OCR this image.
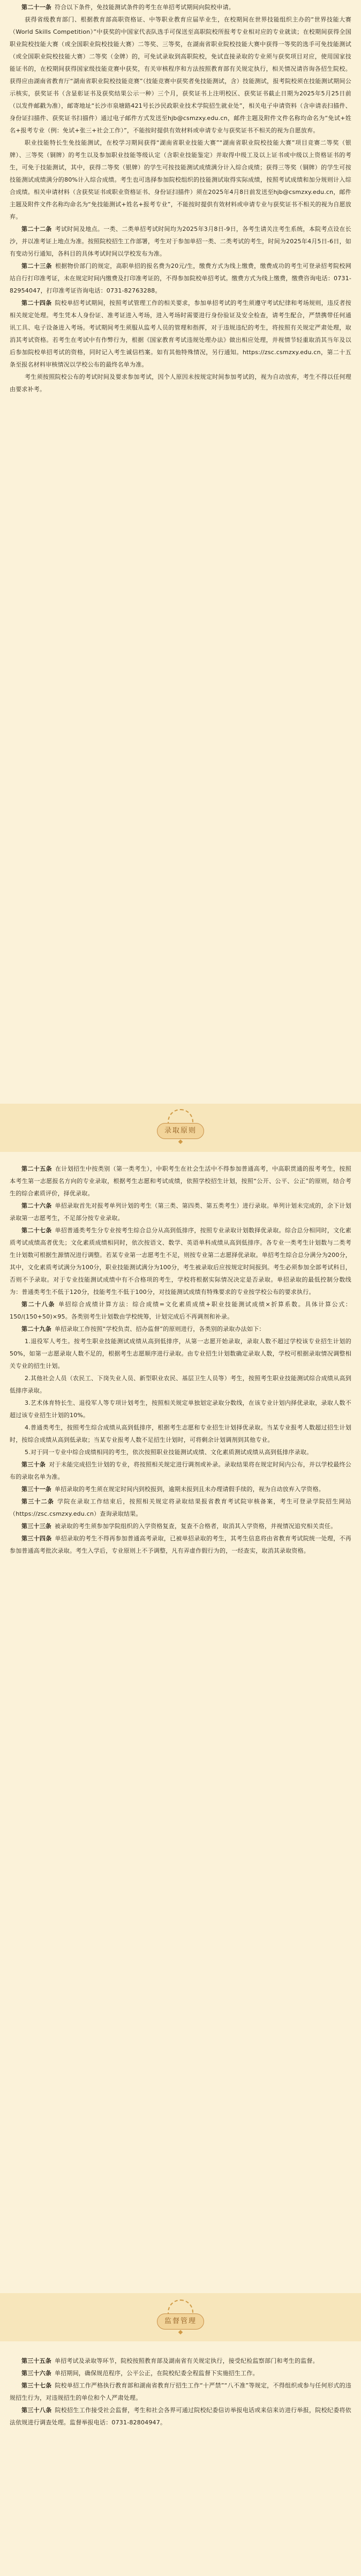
第二十一条 符合以下条件，免技能测试条件的考生在单招考试期间向院校申请。

获得省级教育部门、根据教育部高职资格证、中等职业教育应届毕业生，在校期间在世界技能组织主办的“世界技能大赛（World Skills Competition）”中获奖的中国家代表队选手可保送至高职院校所报考专业相对应的专业就读；在校期间获得全国职业院校技能大赛（或全国职业院校技能大赛）二等奖、三等奖，在湖南省职业院校技能大赛中获得一等奖的选手可免技能测试（或全国职业院校技能大赛）二等奖（金牌）的，可免试录取到高职院校，免试直接录取的专业须与获奖项目对应，使用国家技能证书的，在校期间获得国家级技能竞赛中获奖，有关审核程序和方法按照教育部有关规定执行，相关情况请咨询各招生院校。获得应由湖南省教育厅“湖南省职业院校技能竞赛”（技能竞赛中获奖者免技能测试，含）技能测试，报考院校须在技能测试期间公示核实，获奖证书（含显彰证书及获奖结果公示一种）三个月，获奖证书上注明校区、获奖证书截止日期为2025年5月25日前（以发件邮戳为准），邮寄地址“长沙市泉塘路421号长沙民政职业技术学院招生就业处”，相关电子申请资料（含申请表扫描件、身份证扫描件、获奖证书扫描件）通过电子邮件方式发送至hjb@csmzxy.edu.cn，邮件主题及附件文件名称均命名为“免试+姓名+报考专业（例：免试+张三+社会工作）”，不能按时提供有效材料或申请专业与获奖证书不相关的视为自愿放弃。

职业技能特长生免技能测试，在校学习期间获得“湖南省职业技能大赛”“湖南省职业院校技能大赛”项目竞赛二等奖（银牌）、三等奖（铜牌）的考生以及参加职业技能等级认定（含职业技能鉴定）并取得中级工及以上证书或中级以上资格证书的考生，可免于技能测试，其中，获得二等奖（银牌）的学生可按技能测试成绩满分计入综合成绩；获得三等奖（铜牌）的学生可按技能测试成绩满分的80%计入综合成绩。考生也可选择参加院校组织的技能测试取得实际成绩，按照考试成绩和加分规则计入综合成绩。相关申请材料（含获奖证书或职业资格证书、身份证扫描件）须在2025年4月8日前发送至hjb@csmzxy.edu.cn，邮件主题及附件文件名称均命名为“免技能测试+姓名+报考专业”，不能按时提供有效材料或申请专业与获奖证书不相关的视为自愿放弃。

第二十二条 考试时间及地点。一类、二类单招考试时间均为2025年3月8日-9日，各考生请关注考生系统，本院考点设在长沙，并以准考证上地点为准。按照院校招生工作部署，考生对于参加单招一类、二类考试的考生，时间为2025年4月5日-6日，如有变动另行通知，各科目的具体考试时间以学校发布为准。

第二十三条 根据物价部门的规定，高职单招的报名费为20元/生，缴费方式为线上缴费，缴费成功的考生可登录招考院校网站自行打印准考证，未在规定时间内缴费及打印准考证的，不得参加院校单招考试。缴费方式为线上缴费，缴费咨询电话：0731-82954047，打印准考证咨询电话：0731-82763288。

第二十四条 院校单招考试期间，按照考试管理工作的相关要求，参加单招考试的考生须遵守考试纪律和考场规则，违反者按相关规定处理。考生凭本人身份证、准考证进入考场，进入考场时需要进行身份验证及安全检查，请考生配合，严禁携带任何通讯工具、电子设备进入考场。考试期间考生须服从监考人员的管理和指挥，对于违规违纪的考生，将按照有关规定严肃处理，取消其考试资格。若考生在考试中有作弊行为，根据《国家教育考试违规处理办法》做出相应处理，并视情节轻重取消其当年及以后参加院校单招考试的资格，同时记入考生诚信档案。如有其他特殊情况，另行通知。https://zsc.csmzxy.edu.cn，第二十五条至报名材料审核情况以学校公布的最终名单为准。

考生须按照院校公布的考试时间及要求参加考试，因个人原因未按规定时间参加考试的，视为自动放弃，考生不得以任何理由要求补考。

录取原则

第二十五条 在计划招生中按类别（第一类考生），中职考生在社会生活中不得参加普通高考，中高职贯通的报考考生，按照本考生第一志愿报名方向的专业录取，根据考生志愿和考试成绩，依照学校招生计划，按照“公开、公平、公正”的原则，结合考生的综合素质评价，择优录取。

第二十六条 单招录取首先对报考单列计划的考生（第三类、第四类、第五类考生）进行录取。单列计划未完成的，余下计划录取第一志愿考生，不足部分按专业录取。

第二十七条 单招普通类考生分专业按考生综合总分从高到低排序，按照专业录取计划数择优录取。综合总分相同时，文化素质考试成绩高者优先；文化素质成绩相同时，依次按语文、数学、英语单科成绩从高到低排序。各专业一类考生计划数与二类考生计划数可根据生源情况进行调整。若某专业第一志愿考生不足，则按专业第二志愿择优录取。单招考生综合总分满分为200分，其中，文化素质考试满分为100分，职业技能测试满分为100分，考生被录取后应按规定时间报到。考生必须参加全部考试科目，否则不予录取。对于专业技能测试成绩中有不合格项的考生，学校将根据实际情况决定是否录取。单招录取的最低控制分数线为：普通类考生不低于120分，技能考生不低于100分，对技能测试成绩有特殊要求的专业按学校公布的要求执行。

第二十八条 单招综合成绩计算方法：综合成绩=文化素质成绩+职业技能测试成绩×折算系数。具体计算公式：150/(150+50)×95。各类别考生计划数由学校统筹，计划完成后不再调剂和补录。

第二十九条 单招录取工作按照“学校负责、招办监督”的原则进行，各类别的录取办法如下：

1.退役军人考生。按考生职业技能测试成绩从高到低排序，从第一志愿开始录取，录取人数不超过学校该专业招生计划的50%，如第一志愿录取人数不足的，根据考生志愿顺序进行录取。由专业招生计划数确定录取人数，学校可根据录取情况调整相关专业的招生计划。

2.其他社会人员（农民工、下岗失业人员、新型职业农民、基层卫生人员等）考生，按照考生职业技能测试综合成绩从高到低排序录取。

3.艺术体育特长生、退役军人等专项计划考生，按照相关规定单独划定录取分数线，在该专业计划内择优录取，录取人数不超过该专业招生计划的10%。

4.普通类考生，按照考生综合成绩从高到低排序，根据考生志愿和专业招生计划择优录取。当某专业报考人数超过招生计划时，按综合成绩从高到低录取；当某专业报考人数不足招生计划时，可将剩余计划调剂到其他专业。

5.对于同一专业中综合成绩相同的考生，依次按照职业技能测试成绩、文化素质测试成绩从高到低排序录取。

第三十条 对于未能完成招生计划的专业，将按照相关规定进行调剂或补录。录取结果将在规定时间内公布，并以学校最终公布的录取名单为准。

第三十一条 单招录取的考生须在规定时间内到校报到，逾期未报到且未办理请假手续的，视为自动放弃入学资格。

第三十二条 学院在录取工作结束后，按照相关规定将录取结果报省教育考试院审核备案，考生可登录学院招生网站（https://zsc.csmzxy.edu.cn）查询录取结果。

第三十三条 被录取的考生须参加学院组织的入学资格复查，复查不合格者，取消其入学资格，并视情况追究相关责任。

第三十四条 单招录取的考生不得再参加普通高考录取，已被单招录取的考生，其考生信息将由省教育考试院统一处理，不再参加普通高考批次录取。考生入学后，专业原则上不予调整，凡有弄虚作假行为的，一经查实，取消其录取资格。

监督管理

第三十五条 单招考试及录取等环节，院校按照教育部及湖南省有关规定执行，接受纪检监察部门和考生的监督。

第三十六条 单招期间，确保规范程序，公平公正，在院校纪委全程监督下实施招生工作。

第三十七条 院校单招工作严格执行教育部和湖南省教育厅招生工作“十严禁”“八不准”等规定，不得组织或参与任何形式的违规招生行为，对违规招生的单位和个人严肃处理。

第三十八条 院校招生工作接受社会监督，考生和社会各界可通过院校纪委信访举报电话或来信来访进行举报，院校纪委将依法依规进行调查处理。监督举报电话：0731-82804947。
